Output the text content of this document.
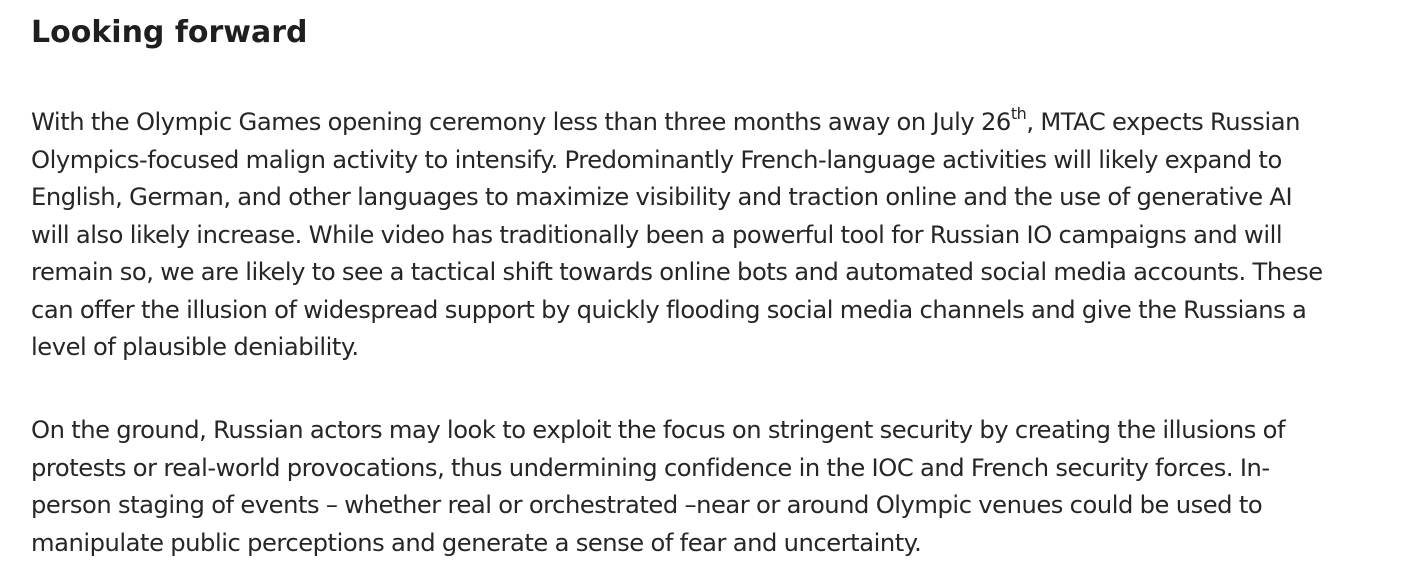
Looking forward

With the Olympic Games opening ceremony less than three months away on July 26th, MTAC expects Russian
Olympics-focused malign activity to intensify. Predominantly French-language activities will likely expand to
English, German, and other languages to maximize visibility and traction online and the use of generative AI
will also likely increase. While video has traditionally been a powerful tool for Russian IO campaigns and will
remain so, we are likely to see a tactical shift towards online bots and automated social media accounts. These
can offer the illusion of widespread support by quickly flooding social media channels and give the Russians a
level of plausible deniability.

On the ground, Russian actors may look to exploit the focus on stringent security by creating the illusions of
protests or real-world provocations, thus undermining confidence in the IOC and French security forces. In-
person staging of events – whether real or orchestrated –near or around Olympic venues could be used to
manipulate public perceptions and generate a sense of fear and uncertainty.
